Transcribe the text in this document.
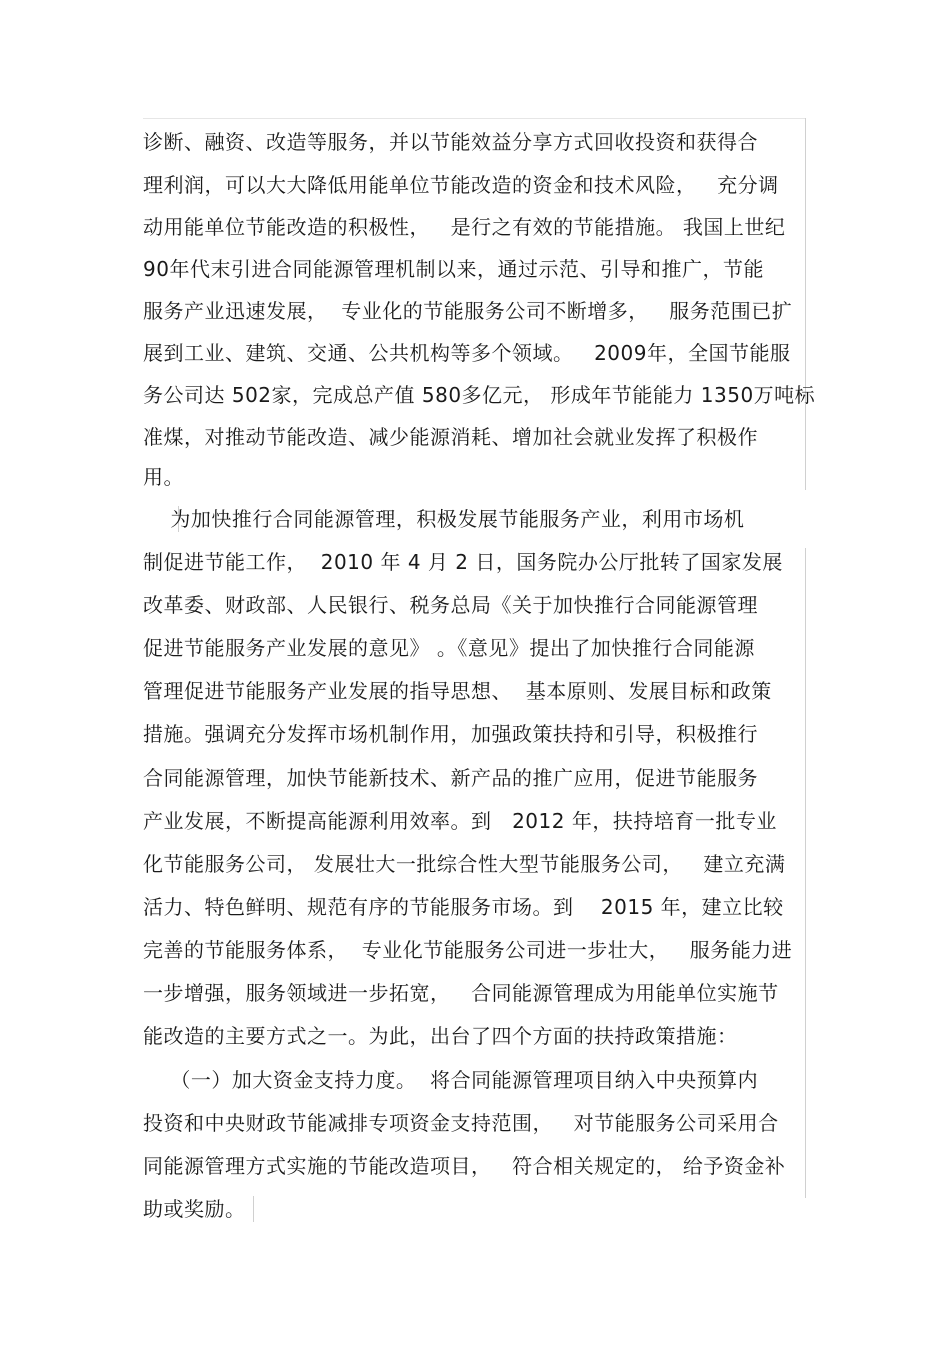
诊断、融资、改造等服务，并以节能效益分享方式回收投资和获得合
理利润，可以大大降低用能单位节能改造的资金和技术风险，   充分调
动用能单位节能改造的积极性，   是行之有效的节能措施。 我国上世纪
90年代末引进合同能源管理机制以来，通过示范、引导和推广，节能
服务产业迅速发展，  专业化的节能服务公司不断增多，   服务范围已扩
展到工业、建筑、交通、公共机构等多个领域。   2009年，全国节能服
务公司达 502家，完成总产值 580多亿元， 形成年节能能力 1350万吨标
准煤，对推动节能改造、减少能源消耗、增加社会就业发挥了积极作
用。
为加快推行合同能源管理，积极发展节能服务产业，利用市场机
制促进节能工作，  2010 年 4 月 2 日，国务院办公厅批转了国家发展
改革委、财政部、人民银行、税务总局《关于加快推行合同能源管理
促进节能服务产业发展的意见》 。《意见》提出了加快推行合同能源
管理促进节能服务产业发展的指导思想、  基本原则、发展目标和政策
措施。强调充分发挥市场机制作用，加强政策扶持和引导，积极推行
合同能源管理，加快节能新技术、新产品的推广应用，促进节能服务
产业发展，不断提高能源利用效率。到   2012 年，扶持培育一批专业
化节能服务公司， 发展壮大一批综合性大型节能服务公司，   建立充满
活力、特色鲜明、规范有序的节能服务市场。到    2015 年，建立比较
完善的节能服务体系，  专业化节能服务公司进一步壮大，   服务能力进
一步增强，服务领域进一步拓宽，   合同能源管理成为用能单位实施节
能改造的主要方式之一。为此，出台了四个方面的扶持政策措施：
（一）加大资金支持力度。  将合同能源管理项目纳入中央预算内
投资和中央财政节能减排专项资金支持范围，   对节能服务公司采用合
同能源管理方式实施的节能改造项目，   符合相关规定的， 给予资金补
助或奖励。
